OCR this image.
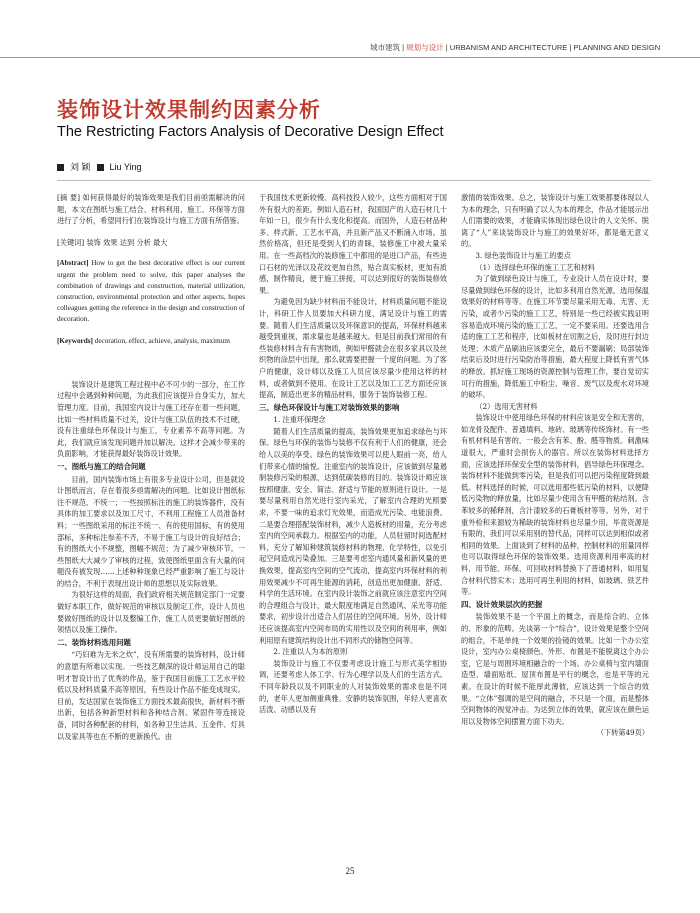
城市建筑 | 规划与设计 | URBANISM AND ARCHITECTURE | PLANNING AND DESIGN
装饰设计效果制约因素分析
The Restricting Factors Analysis of Decorative Design Effect
刘 颖 Liu Ying
[摘 要] 如何获得最好的装饰效果是我们目前亟需解决的问题，本文在图纸与施工结合、材料利用、施工、环保等方面进行了分析，希望同行们在装饰设计与施工方面有所借鉴。
[关键词] 装饰 效果 达到 分析 最大
[Abstract] How to get the best decorative effect is our current urgent the problem need to solve, this paper analyses the combination of drawings and construction, material utilization, construction, environmental protection and other aspects, hopes colleagues getting the reference in the design and construction of decoration.
[Keywords] decoration, effect, achieve, analysis, maximum
装饰设计是建筑工程过程中必不可少的一部分，在工作过程中会遇到种种问题，为此我们应该提升自身实力，加大管理力度。目前，我国室内设计与施工还存在着一些问题，比如一些材料质量不过关，设计与施工队伍的技术不过硬，没有注重绿色环保设计与施工，专业素养不高等问题。为此，我们就应该发现问题并加以解决。这样才会减少带来的负面影响，才能获得最好装饰设计效果。
一、图纸与施工的结合问题
目前，国内装饰市场上有很多专业设计公司，但是就设计图纸而言，存在着很多亟需解决的问题。比如设计图纸标注不规范、不统一；一些按照标注的施工的装饰器件，没有具体的加工要求以及加工尺寸，不利用工程施工人员准备材料；一些图纸采用的标注不统一、有的使用国标，有的使用部标，多种标注参差不齐，不易于施工与设计的良好结合；有的图纸大小不规整，图幅不规范；为了减少审核环节。一些图纸大大减少了审核的过程，致使图纸里面含有大量的问题没有被发现……上述种种现象已经严重影响了施工与设计的结合，不利于表现出设计师的思想以及实际效果。
为很好这样的局面，我们政府相关规范制定部门一定要做好本职工作，做好规范的审核以及制定工作，设计人员也要做好图纸的设计以及整编工作，施工人员更要做好图纸的领悟以及施工操作。
二、装饰材料选用问题
“巧妇难为无米之炊”，没有所需要的装饰材料，设计师的意愿有所难以实现。一些技艺颇深的设计师运用自己的聪明才智设计出了优秀的作品，鉴于我国目前施工工艺水平较低以及材料质量不高等原因，有些设计作品不能变成现实。目前，发达国家在装饰施工方面技术最高很快，新材料不断出新，包括各种新型材料和各种结合剂、紧固件等连接设备，同时各种配套的材料，如各种卫生洁具、五金件、灯具以及家具等也在不断的更新换代。由
于我国技术更新较慢、高科技投入较少，这些方面相对于国外有很大的差距。例如人造石材，我国国产的人造石材几十年如一日，很少有什么变化和提高。而国外，人造石材品种多、样式新、工艺水平高，并且新产品又不断涌入市场。虽然价格高，但还是受到人们的青睐，装修施工中被大量采用。在一些高档次的装修施工中都用的是进口产品，有些进口石材的光泽以及花纹更加自然，贴合真实板材，更加有质感，制作精良，便于施工拼接，可以达到很好的装饰装修效果。
为避免因为缺少材料而不能设计，材料质量问题不能设计，科研工作人员要加大科研力度，满足设计与施工的需要。随着人们生活质量以及环保意识的提高，环保材料越来越受到重视，需求量也是越来越大。但是目前我们常用的有些装修材料含有有害物质，例如甲醛就会在很多家具以及丝织物的涂层中出现，那么就需要把握一个度的问题。为了客户的健康，设计师以及施工人员应该尽量少使用这样的材料，或者做到不使用。在设计工艺以及加工工艺方面还应该提高，制造出更多的精品材料，服务于装饰装修工程。
三、绿色环保设计与施工对装饰效果的影响
1. 注重环保理念
随着人们生活质量的提高，装饰效果更加追求绿色与环保。绿色与环保的装饰与装修不仅有利于人们的健康，还会给人以美的享受。绿色的装饰效果可以使人眼前一亮，给人们带来心情的愉悦。注重室内的装饰设计，应该做到尽量遏制装修污染的根源，达到低碳装修的目的。装饰设计师应该按照健康、安全、简洁、舒适与节能的原则进行设计。一是要尽量利用自然光进行室内采光，了解室内合理的光照要求，不要一味的追求灯光效果，而造成光污染、电能浪费。二是要合理搭配装饰材料，减少人造板材的用量，充分考虑室内的空间承载力。根据室内的功能，人员驻留时间选配材料，充分了解知种建筑装修材料的物理、化学特性，以免引起空间造成污染叠加。三是要考虑室内通风量和新风量的更换效果，提高室内空间的空气流动，提高室内环保材料的利用效果减少不可再生能源的消耗，创造出更加健康、舒适、科学的生活环境。在室内设计装饰之前就应该注意室内空间的合理组合与设计，最大限度地满足自然通风、采光等功能要求，初步设计出适合人们居住的空间环境。另外，设计师还应该提高室内空间布局的实用性以及空间的利用率，例如利用原有建筑结构设计出不同形式的储物空间等。
2. 注重以人为本的原则
装饰设计与施工不仅要考虑设计施工与形式美学相协调，还要考虑人体工学、行为心理学以及人们的生活方式。不同年龄段以及不同职业的人对装饰效果的需求也是不同的，老年人更加侧重典雅、安静的装饰氛围，年轻人更喜欢活泼、动感以及有
激情的装饰效果。总之，装饰设计与施工效果都要体现以人为本的理念，只有明确了以人为本的理念，作品才能展示出人们需要的效果，才能确实体现出绿色设计的人文关怀。脱离了“人”来谈装饰设计与施工的效果好坏，都是毫无意义的。
3. 绿色装饰设计与施工的要点
（1）选择绿色环保的施工工艺和材料
为了做到绿色设计与施工，专业设计人员在设计时，要尽量做到绿色环保的设计，比如多利用自然光源，选用保温效果好的材料等等。在施工环节要尽量采用无毒、无害、无污染，或者少污染的施工工艺，特别是一些已经被实践证明容易造成环境污染的施工工艺，一定不要采用。还要选用合适的施工工艺和程序，比如板材在切割之后，及时进行封边处理；木质产品刷油应该要完全，最后不要漏刷；局部装饰结束后及时进行污染防治等措施，最大程度上降低有害气体的释放。抓好施工现场的资源控制与管理工作，要自觉切实可行的措施，降低施工中粉尘、噪音、废气以及废水对环境的破坏。
（2）选用无害材料
装饰设计中使用绿色环保的材料应该是安全和无害的，如龙骨及配件、普通填料、地砖、玻璃等传统饰材。有一些有机材料是有害的，一般会含有苯、酚、醛等物质。刺激味道很大，严重时会损伤人的器官。所以在装饰材料选择方面，应该选择环保安全型的装饰材料，倡导绿色环保理念。装饰材料不能做到零污染，但是我们可以把污染程度降到最低。材料选择的时候，可以选用那些低污染的材料，以便降低污染物的释放量，比如尽量少使用含有甲醛的粘结剂。含苯较多的稀释剂，含汁漆较多的石膏板材等等。另外，对于重外检和来源较为稀缺的装饰材料也尽量少用，毕竟资源是有限的，我们可以采用别的替代品，同样可以达到相似或者相同的效果。上面谈到了材料的品种，控制材料的用量同样也可以取得绿色环保的装饰效果。选用资源利用率高的材料，用节能、环保、可回收材料替换下了普通材料，如用复合材料代替实木；选用可再生利用的材料，如玻璃、铁艺件等。
四、设计效果层次的把握
装饰效果不是一个平面上的概念，而是综合的、立体的、形象的范畴。先谈第一个“综合”，设计效果是整个空间的组合，不是单纯一个效果的捡镜的效果。比如一个办公室设计，室内办公桌椅颜色、外形、布置是不能脱离这个办公室，它是与周围环境相融合的一个场。办公桌椅与室内墙面造型、墙面贴纸、屋顶布置是平行的概念，也是平等的元素。在设计的时候不能厚此薄彼，应该达到一个综合的效果。“立体”强调的是空间的融合，不只是一个面，而是整体空间物体的视觉冲击。为达到立体的效果，就应该在颜色运用以及物体空间摆置方面下功夫。
（下转第49页）
25
